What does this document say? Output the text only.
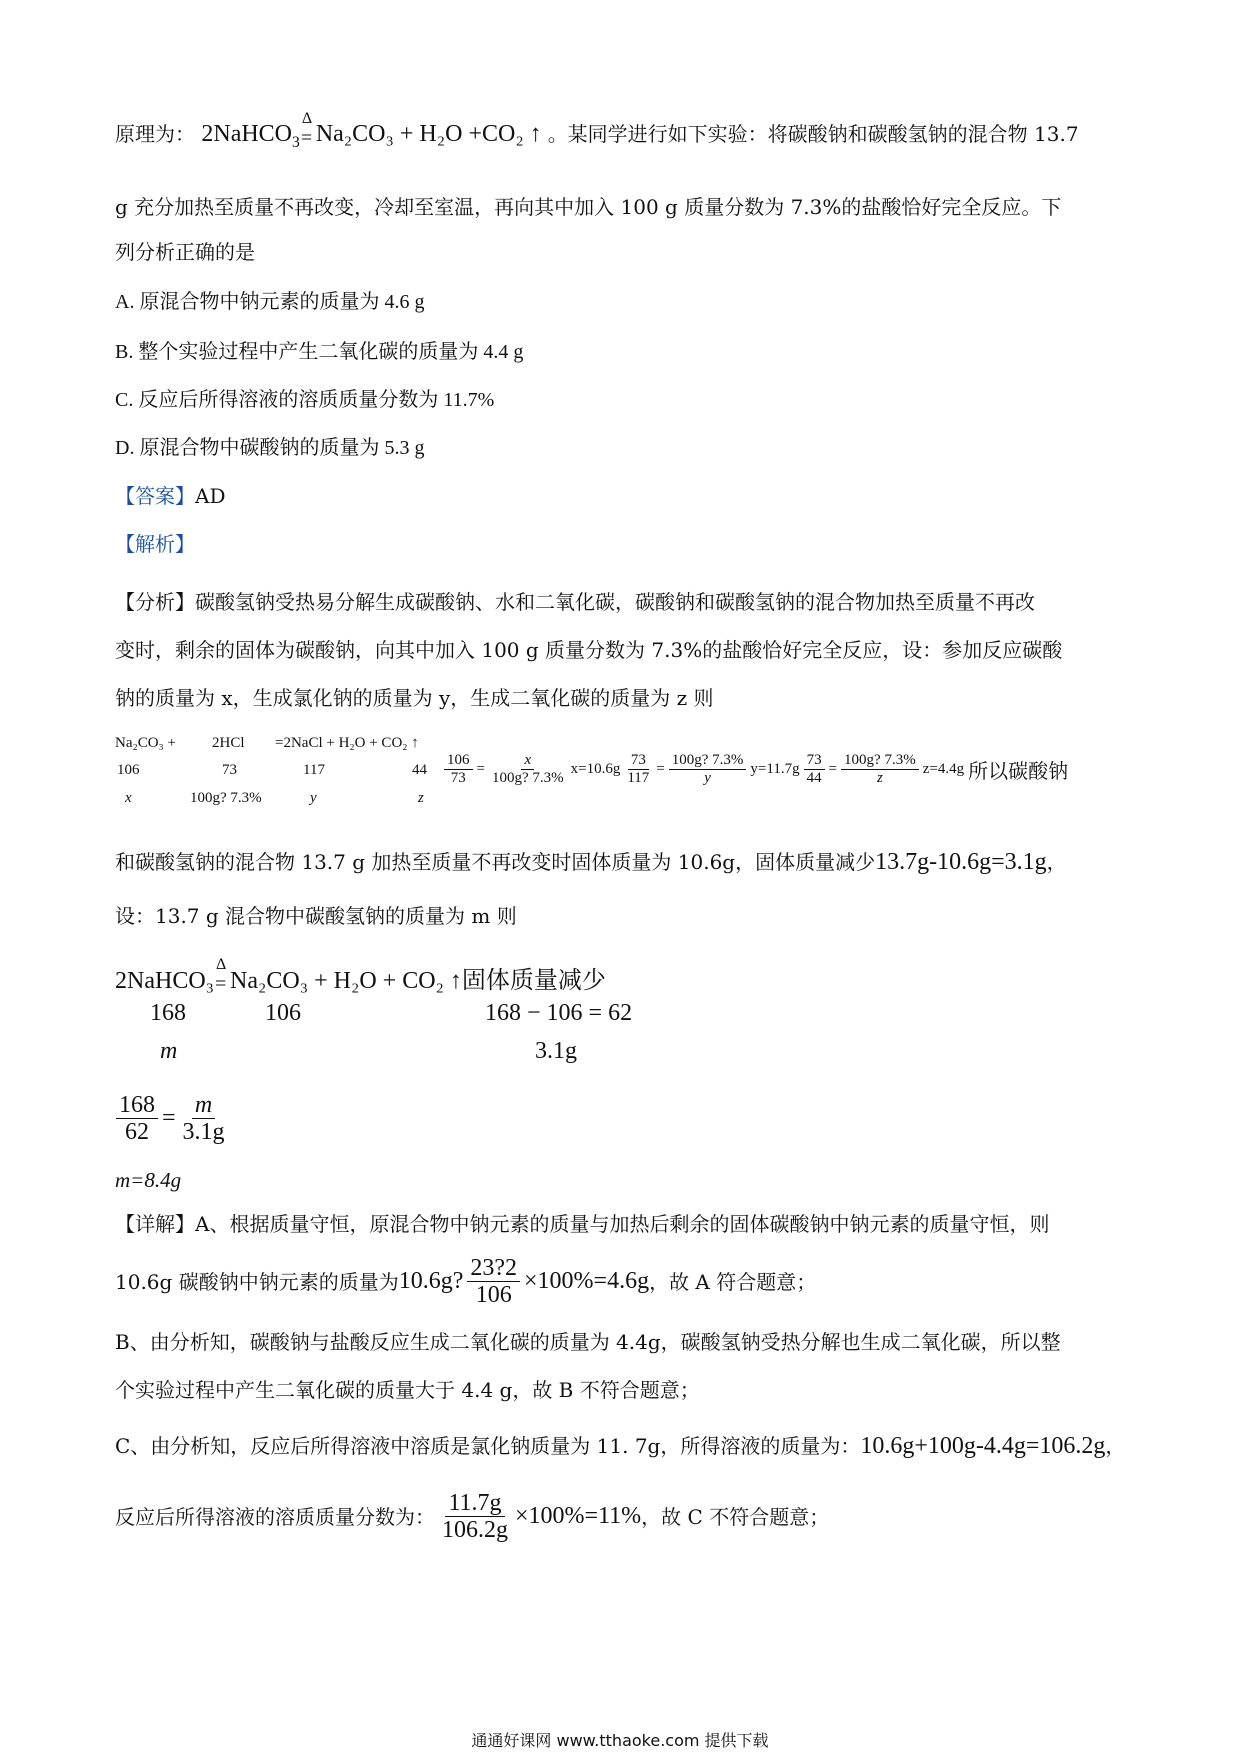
原理为： 2NaHCO$_3$
Δ
= Na₂CO₃ + H₂O +CO₂ ↑ 。某同学进行如下实验：将碳酸钠和碳酸氢钠的混合物 13.7
g 充分加热至质量不再改变，冷却至室温，再向其中加入 100 g 质量分数为 7.3%的盐酸恰好完全反应。下
列分析正确的是
A. 原混合物中钠元素的质量为 4.6 g
B. 整个实验过程中产生二氧化碳的质量为 4.4 g
C. 反应后所得溶液的溶质质量分数为 11.7%
D. 原混合物中碳酸钠的质量为 5.3 g
【答案】AD
【解析】
【分析】碳酸氢钠受热易分解生成碳酸钠、水和二氧化碳，碳酸钠和碳酸氢钠的混合物加热至质量不再改
变时，剩余的固体为碳酸钠，向其中加入 100 g 质量分数为 7.3%的盐酸恰好完全反应，设：参加反应碳酸
钠的质量为 x，生成氯化钠的质量为 y，生成二氧化碳的质量为 z 则
Na₂CO₃ + 2HCl =2NaCl + H₂O + CO₂ ↑
106	73	117	44
x	100g? 7.3%	y	z
$\frac{106}{73} = \frac{x}{100g? 7.3\%} x=10.6g \frac{73}{117} = \frac{100g? 7.3\%}{y} y=11.7g \frac{73}{44} = \frac{100g? 7.3\%}{z} z=4.4g$ 所以碳酸钠
和碳酸氢钠的混合物 13.7 g 加热至质量不再改变时固体质量为 10.6g，固体质量减少13.7g-10.6g=3.1g，
设：13.7 g 混合物中碳酸氢钠的质量为 m 则
2NaHCO₃
Δ
= Na₂CO₃ + H₂O + CO₂ ↑固体质量减少
168	106	168 − 106 = 62
m	3.1g
$\frac{168}{62} = \frac{m}{3.1g}$
m=8.4g
【详解】A、根据质量守恒，原混合物中钠元素的质量与加热后剩余的固体碳酸钠中钠元素的质量守恒，则
10.6g 碳酸钠中钠元素的质量为 10.6g? $\frac{23?2}{106} \times 100\%=4.6g$ ，故 A 符合题意；
B、由分析知，碳酸钠与盐酸反应生成二氧化碳的质量为 4.4g，碳酸氢钠受热分解也生成二氧化碳，所以整
个实验过程中产生二氧化碳的质量大于 4.4 g，故 B 不符合题意；
C、由分析知，反应后所得溶液中溶质是氯化钠质量为 11. 7g，所得溶液的质量为：10.6g+100g-4.4g=106.2g，
反应后所得溶液的溶质质量分数为： $\frac{11.7g}{106.2g} \times 100\%=11\%$ ，故 C 不符合题意；
通通好课网 www.tthaoke.com 提供下载
